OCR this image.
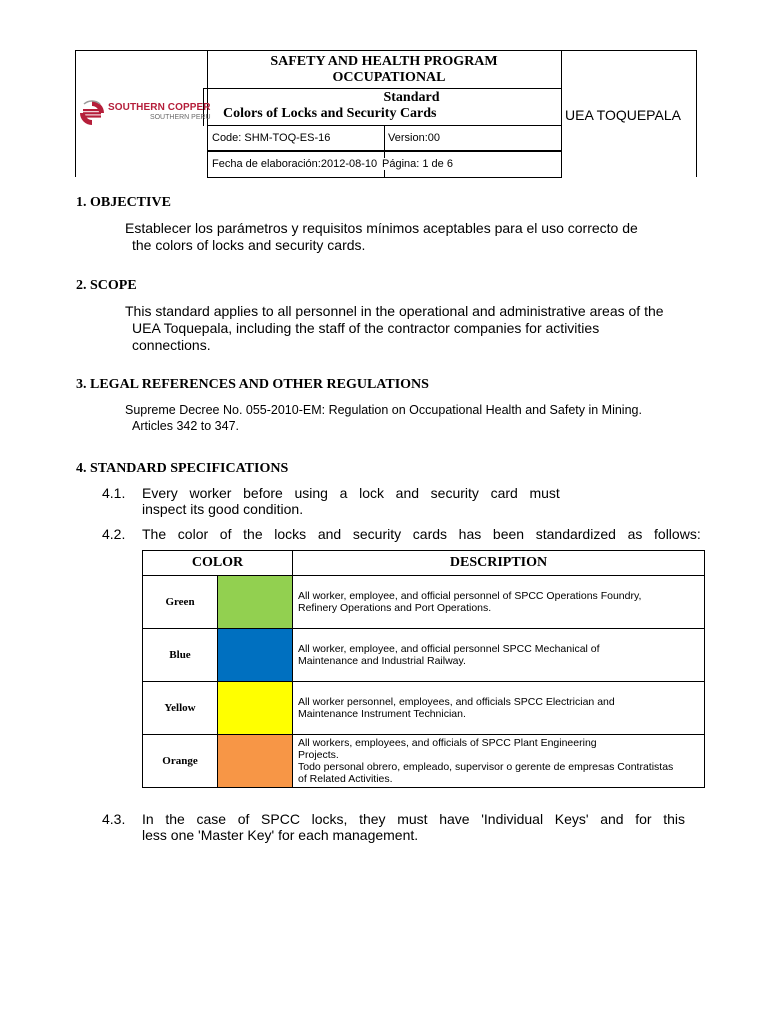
SOUTHERN COPPER
SOUTHERN PERU
SAFETY AND HEALTH PROGRAM
OCCUPATIONAL
Standard
Colors of Locks and Security Cards
Code: SHM-TOQ-ES-16	Version:00
Fecha de elaboración:2012-08-10 Página: 1 de 6
UEA TOQUEPALA
1. OBJECTIVE
Establecer los parámetros y requisitos mínimos aceptables para el uso correcto de
the colors of locks and security cards.
2. SCOPE
This standard applies to all personnel in the operational and administrative areas of the
UEA Toquepala, including the staff of the contractor companies for activities
connections.
3. LEGAL REFERENCES AND OTHER REGULATIONS
Supreme Decree No. 055-2010-EM: Regulation on Occupational Health and Safety in Mining.
Articles 342 to 347.
4. STANDARD SPECIFICATIONS
4.1. Every   worker   before   using   a   lock   and   security   card   must
inspect its good condition.
4.2. The   color   of   the   locks   and   security   cards   has   been   standardized   as   follows:
COLOR		DESCRIPTION
Green		All worker, employee, and official personnel of SPCC Operations Foundry,
Refinery Operations and Port Operations.

Blue		All worker, employee, and official personnel SPCC Mechanical of
Maintenance and Industrial Railway.

Yellow		All worker personnel, employees, and officials SPCC Electrician and
Maintenance Instrument Technician.

Orange		All workers, employees, and officials of SPCC Plant Engineering
Projects.
Todo personal obrero, empleado, supervisor o gerente de empresas Contratistas
of Related Activities.
4.3. In   the   case   of   SPCC   locks,   they   must   have   'Individual   Keys'   and   for   this
less one 'Master Key' for each management.
